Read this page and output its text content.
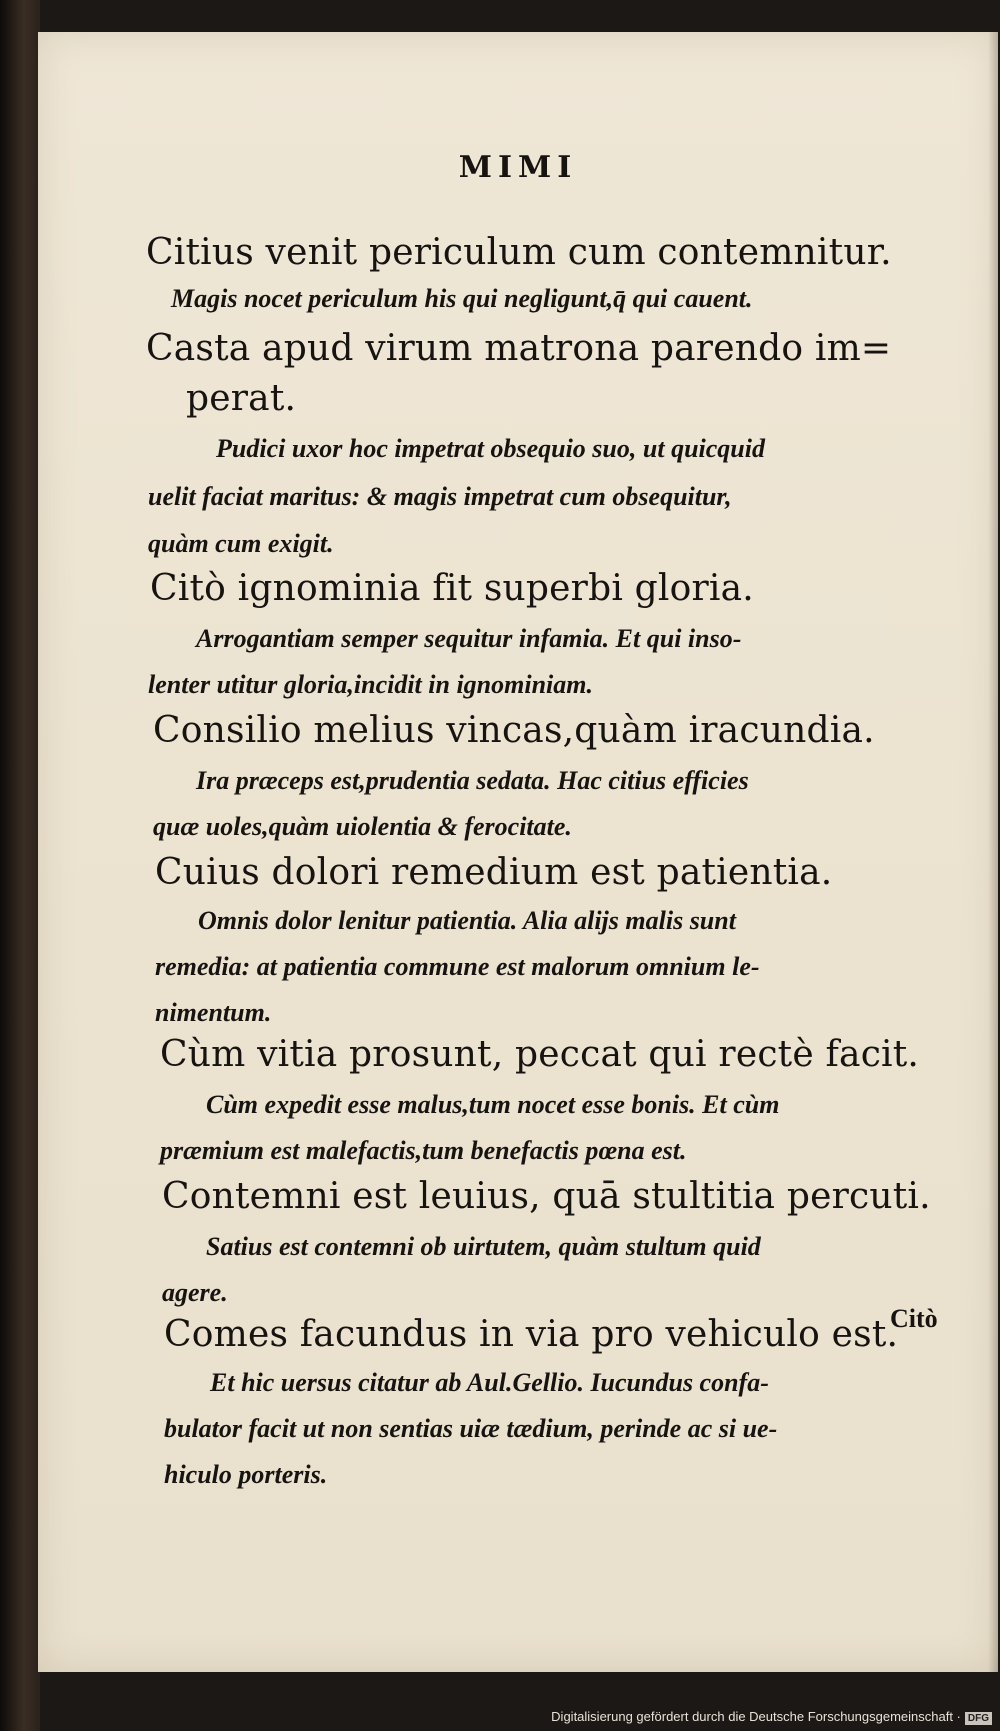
MIMI
Citius venit periculum cum contemnitur.
Magis nocet periculum his qui negligunt,q̄ qui cauent.
Casta apud virum matrona parendo im=
perat.
Pudici uxor hoc impetrat obsequio suo, ut quicquid
uelit faciat maritus: & magis impetrat cum obsequitur,
quàm cum exigit.
Citò ignominia fit superbi gloria.
Arrogantiam semper sequitur infamia. Et qui inso-
lenter utitur gloria,incidit in ignominiam.
Consilio melius vincas,quàm iracundia.
Ira præceps est,prudentia sedata. Hac citius efficies
quæ uoles,quàm uiolentia & ferocitate.
Cuius dolori remedium est patientia.
Omnis dolor lenitur patientia. Alia alijs malis sunt
remedia: at patientia commune est malorum omnium le-
nimentum.
Cùm vitia prosunt, peccat qui rectè facit.
Cùm expedit esse malus,tum nocet esse bonis. Et cùm
præmium est malefactis,tum benefactis pœna est.
Contemni est leuius, quā stultitia percuti.
Satius est contemni ob uirtutem, quàm stultum quid
agere.
Comes facundus in via pro vehiculo est.
Et hic uersus citatur ab Aul.Gellio. Iucundus confa-
bulator facit ut non sentias uiæ tædium, perinde ac si ue-
hiculo porteris.
Citò
Digitalisierung gefördert durch die Deutsche Forschungsgemeinschaft · DFG
